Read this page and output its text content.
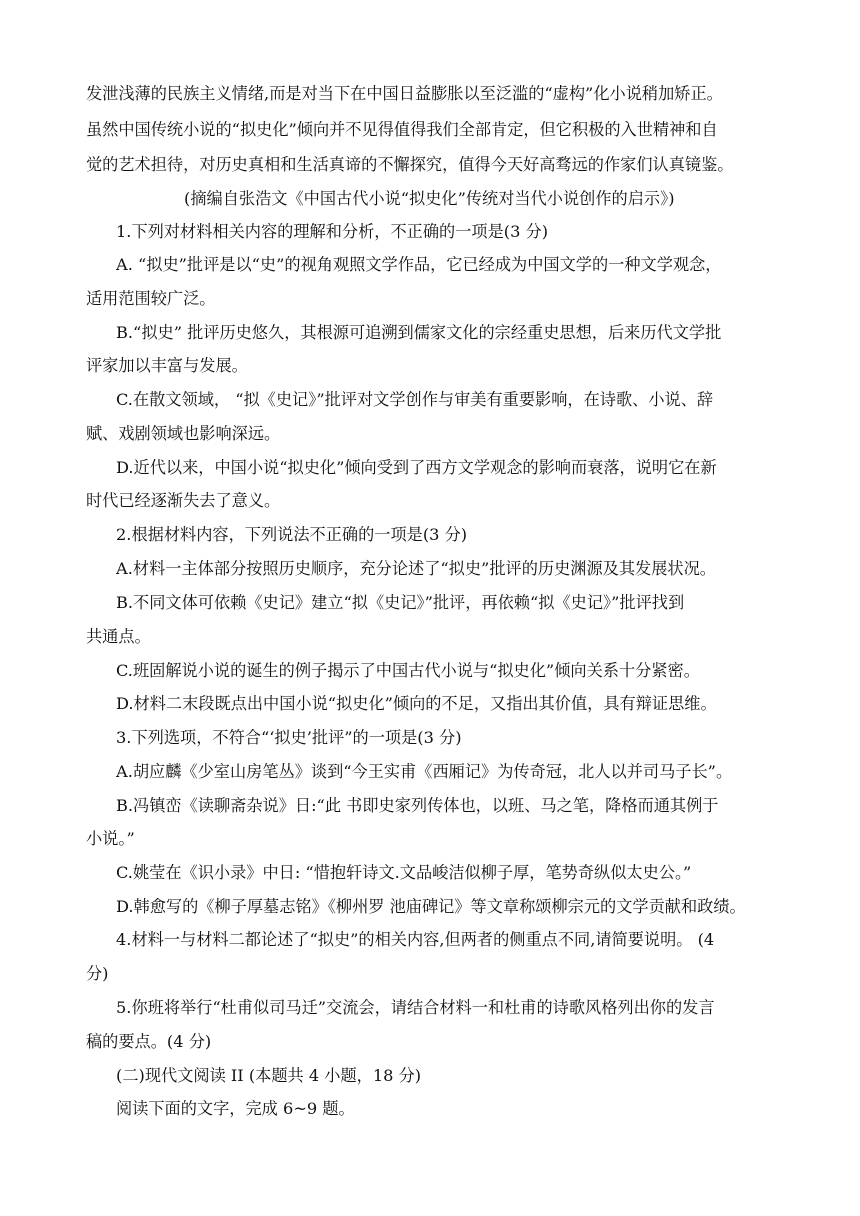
发泄浅薄的民族主义情绪,而是对当下在中国日益膨胀以至泛滥的“虚构”化小说稍加矫正。
虽然中国传统小说的“拟史化”倾向并不见得值得我们全部肯定，但它积极的入世精神和自
觉的艺术担待，对历史真相和生活真谛的不懈探究，值得今天好高骛远的作家们认真镜鉴。
(摘编自张浩文《中国古代小说“拟史化”传统对当代小说创作的启示》)
1.下列对材料相关内容的理解和分析，不正确的一项是(3 分)
A. “拟史”批评是以“史”的视角观照文学作品，它已经成为中国文学的一种文学观念，
适用范围较广泛。
B.“拟史” 批评历史悠久，其根源可追溯到儒家文化的宗经重史思想，后来历代文学批
评家加以丰富与发展。
C.在散文领域， “拟《史记》”批评对文学创作与审美有重要影响，在诗歌、小说、辞
赋、戏剧领域也影响深远。
D.近代以来，中国小说“拟史化”倾向受到了西方文学观念的影响而衰落，说明它在新
时代已经逐渐失去了意义。
2.根据材料内容，下列说法不正确的一项是(3 分)
A.材料一主体部分按照历史顺序，充分论述了“拟史”批评的历史渊源及其发展状况。
B.不同文体可依赖《史记》建立“拟《史记》”批评，再依赖“拟《史记》”批评找到
共通点。
C.班固解说小说的诞生的例子揭示了中国古代小说与“拟史化”倾向关系十分紧密。
D.材料二末段既点出中国小说“拟史化”倾向的不足，又指出其价值，具有辩证思维。
3.下列选项，不符合“‘拟史’批评”的一项是(3 分)
A.胡应麟《少室山房笔丛》谈到“今王实甫《西厢记》为传奇冠，北人以并司马子长”。
B.冯镇峦《读聊斋杂说》日:“此 书即史家列传体也，以班、马之笔，降格而通其例于
小说。”
C.姚莹在《识小录》中日: “惜抱轩诗文.文品峻洁似柳子厚，笔势奇纵似太史公。”
D.韩愈写的《柳子厚墓志铭》《柳州罗 池庙碑记》等文章称颂柳宗元的文学贡献和政绩。
4.材料一与材料二都论述了“拟史”的相关内容,但两者的侧重点不同,请简要说明。 (4
分)
5.你班将举行“杜甫似司马迁”交流会，请结合材料一和杜甫的诗歌风格列出你的发言
稿的要点。(4 分)
(二)现代文阅读 II (本题共 4 小题，18 分)
阅读下面的文字，完成 6~9 题。
